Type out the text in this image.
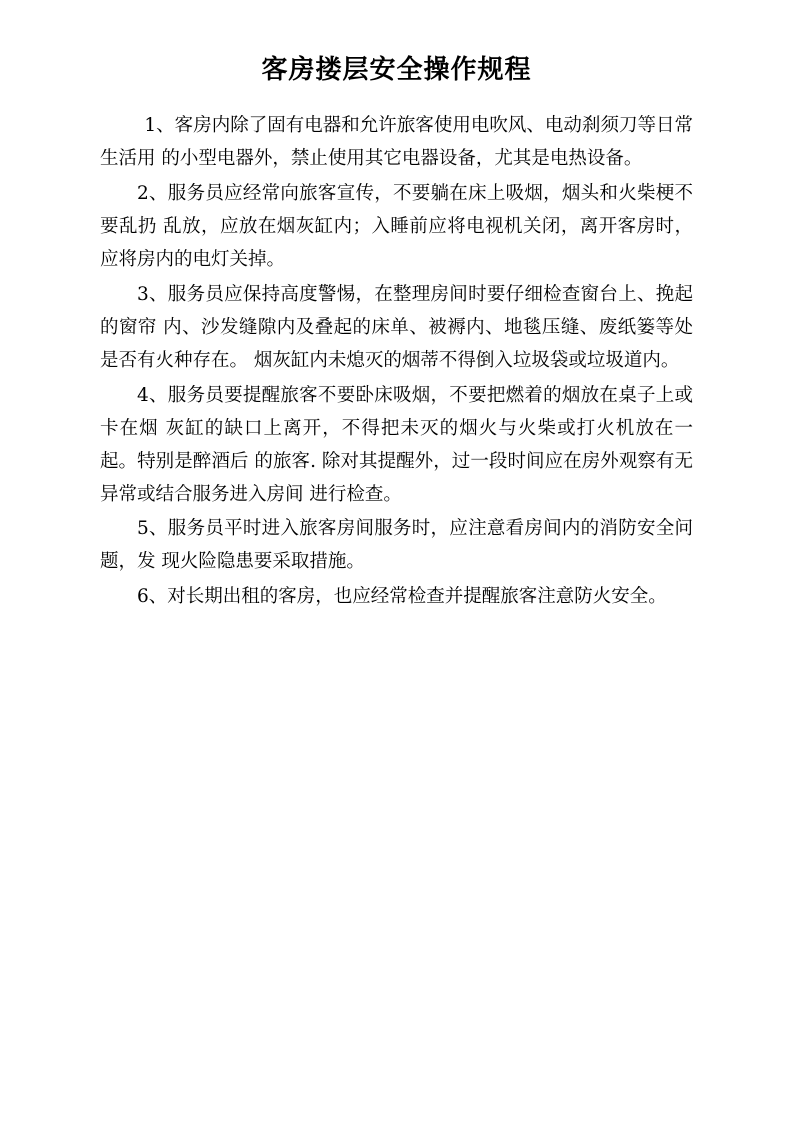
客房搂层安全操作规程

1、客房内除了固有电器和允许旅客使用电吹风、电动刹须刀等日常生活用 的小型电器外，禁止使用其它电器设备，尤其是电热设备。

2、服务员应经常向旅客宣传，不要躺在床上吸烟，烟头和火柴梗不要乱扔 乱放，应放在烟灰缸内；入睡前应将电视机关闭，离开客房时，应将房内的电灯关掉。

3、服务员应保持高度警惕，在整理房间时要仔细检查窗台上、挽起的窗帘 内、沙发缝隙内及叠起的床单、被褥内、地毯压缝、废纸篓等处是否有火种存在。 烟灰缸内未熄灭的烟蒂不得倒入垃圾袋或垃圾道内。

4、服务员要提醒旅客不要卧床吸烟，不要把燃着的烟放在桌子上或卡在烟 灰缸的缺口上离开，不得把未灭的烟火与火柴或打火机放在一起。特别是醉酒后 的旅客. 除对其提醒外，过一段时间应在房外观察有无异常或结合服务进入房间 进行检查。

5、服务员平时进入旅客房间服务时，应注意看房间内的消防安全问题，发 现火险隐患要采取措施。

6、对长期出租的客房，也应经常检查并提醒旅客注意防火安全。
